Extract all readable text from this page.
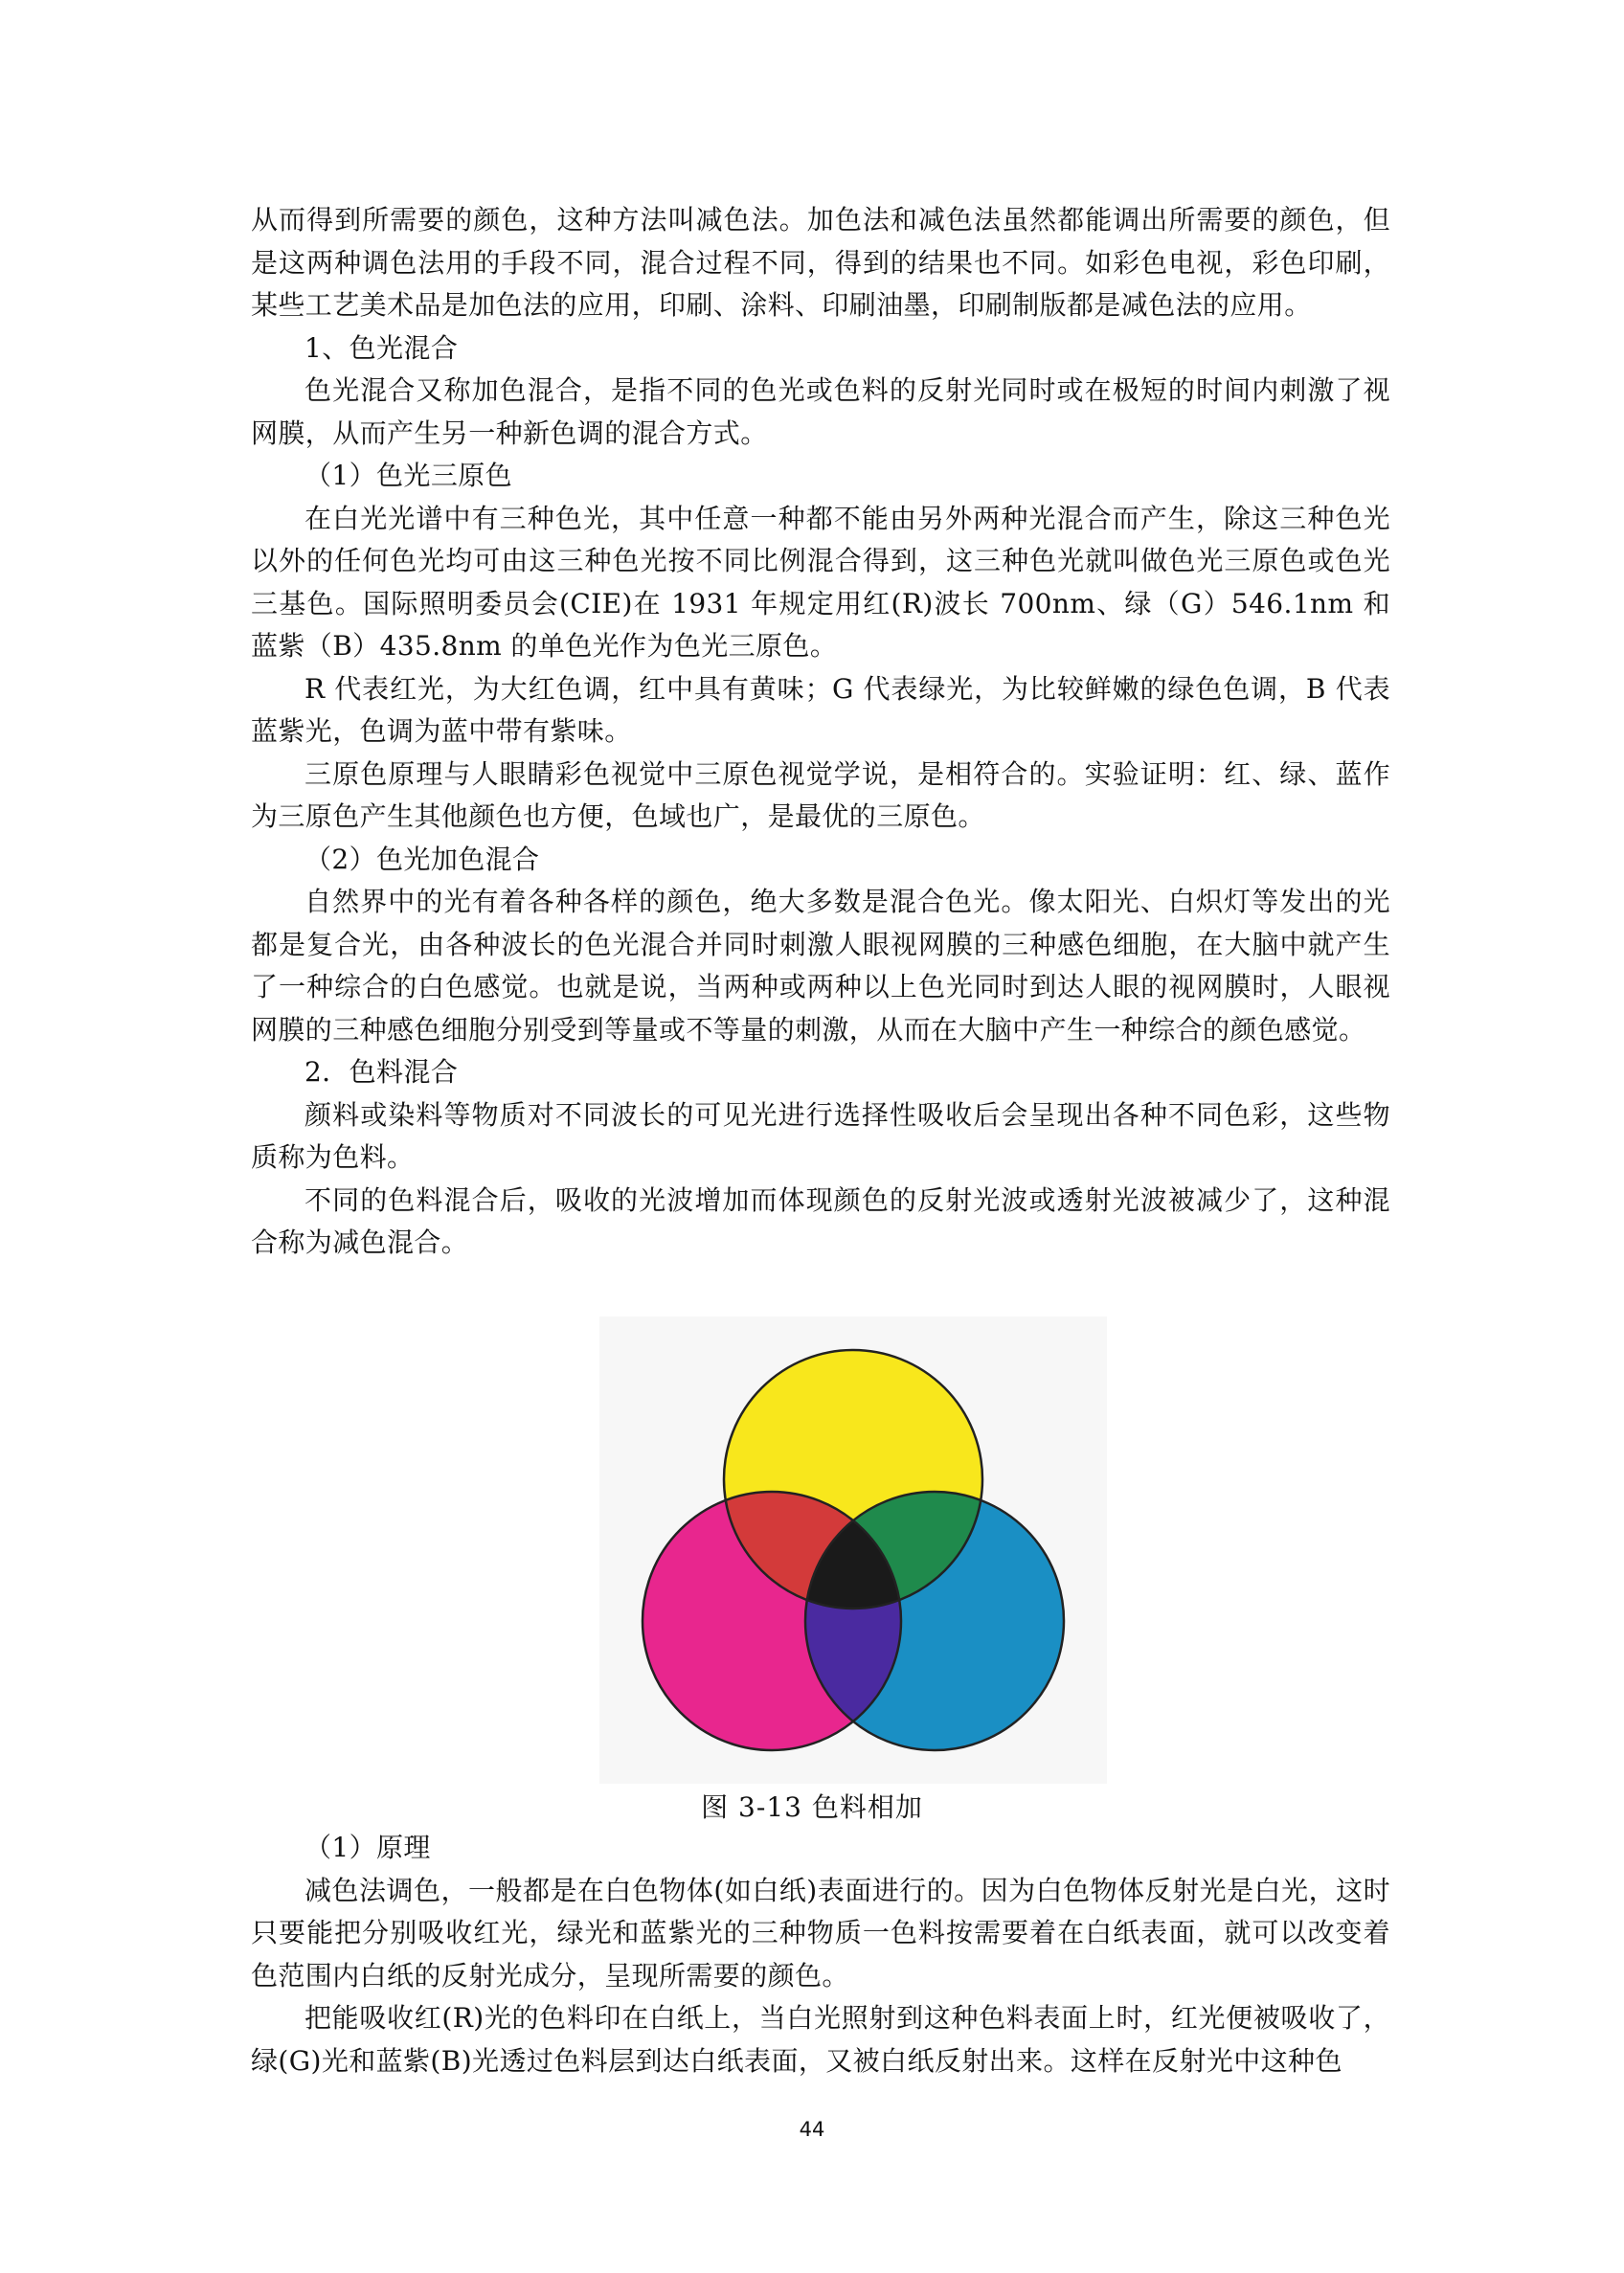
从而得到所需要的颜色，这种方法叫减色法。加色法和减色法虽然都能调出所需要的颜色，但是这两种调色法用的手段不同，混合过程不同，得到的结果也不同。如彩色电视，彩色印刷，某些工艺美术品是加色法的应用，印刷、涂料、印刷油墨，印刷制版都是减色法的应用。

1、色光混合

色光混合又称加色混合，是指不同的色光或色料的反射光同时或在极短的时间内刺激了视网膜，从而产生另一种新色调的混合方式。

（1）色光三原色

在白光光谱中有三种色光，其中任意一种都不能由另外两种光混合而产生，除这三种色光以外的任何色光均可由这三种色光按不同比例混合得到，这三种色光就叫做色光三原色或色光三基色。国际照明委员会(CIE)在 1931 年规定用红(R)波长 700nm、绿（G）546.1nm 和蓝紫（B）435.8nm 的单色光作为色光三原色。

R 代表红光，为大红色调，红中具有黄味；G 代表绿光，为比较鲜嫩的绿色色调，B 代表蓝紫光，色调为蓝中带有紫味。

三原色原理与人眼睛彩色视觉中三原色视觉学说，是相符合的。实验证明：红、绿、蓝作为三原色产生其他颜色也方便，色域也广，是最优的三原色。

（2）色光加色混合

自然界中的光有着各种各样的颜色，绝大多数是混合色光。像太阳光、白炽灯等发出的光都是复合光，由各种波长的色光混合并同时刺激人眼视网膜的三种感色细胞，在大脑中就产生了一种综合的白色感觉。也就是说，当两种或两种以上色光同时到达人眼的视网膜时，人眼视网膜的三种感色细胞分别受到等量或不等量的刺激，从而在大脑中产生一种综合的颜色感觉。

2．色料混合

颜料或染料等物质对不同波长的可见光进行选择性吸收后会呈现出各种不同色彩，这些物质称为色料。

不同的色料混合后，吸收的光波增加而体现颜色的反射光波或透射光波被减少了，这种混合称为减色混合。

图 3-13 色料相加

（1）原理

减色法调色，一般都是在白色物体(如白纸)表面进行的。因为白色物体反射光是白光，这时只要能把分别吸收红光，绿光和蓝紫光的三种物质一色料按需要着在白纸表面，就可以改变着色范围内白纸的反射光成分，呈现所需要的颜色。

把能吸收红(R)光的色料印在白纸上，当白光照射到这种色料表面上时，红光便被吸收了，绿(G)光和蓝紫(B)光透过色料层到达白纸表面，又被白纸反射出来。这样在反射光中这种色

44
